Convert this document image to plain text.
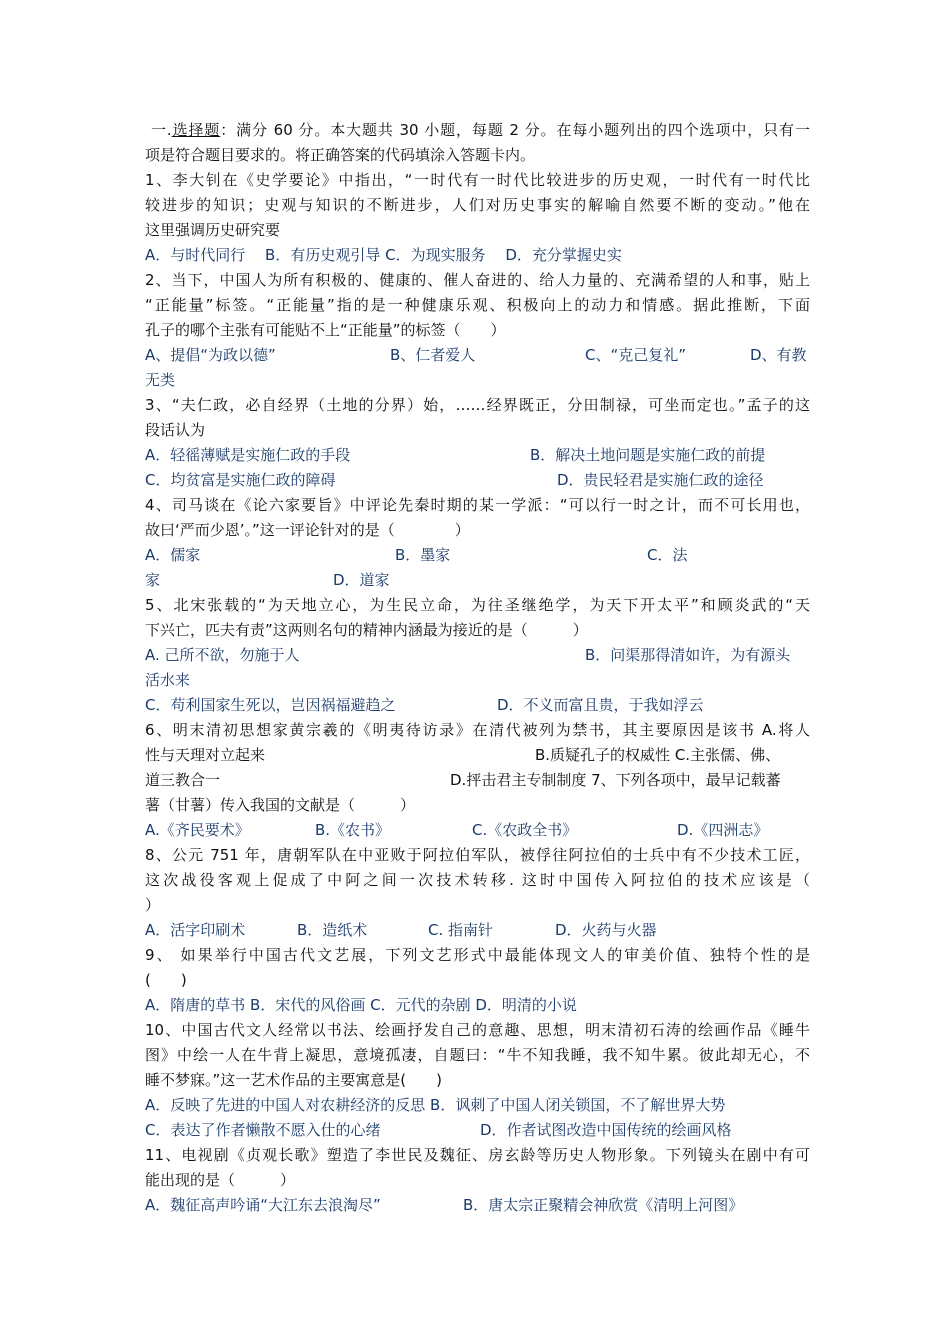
一.选择题：满分 60 分。本大题共 30 小题，每题 2 分。在每小题列出的四个选项中，只有一
项是符合题目要求的。将正确答案的代码填涂入答题卡内。
1、李大钊在《史学要论》中指出，“一时代有一时代比较进步的历史观，一时代有一时代比
较进步的知识；史观与知识的不断进步，人们对历史事实的解喻自然要不断的变动。”他在
这里强调历史研究要
A．与时代同行　 B．有历史观引导 C．为现实服务　 D．充分掌握史实
2、当下，中国人为所有积极的、健康的、催人奋进的、给人力量的、充满希望的人和事，贴上
“正能量”标签。“正能量”指的是一种健康乐观、积极向上的动力和情感。据此推断，下面
孔子的哪个主张有可能贴不上“正能量”的标签（　　）
A、提倡“为政以德”	B、仁者爱人	C、“克己复礼”	D、有教
无类
3、“夫仁政，必自经界（土地的分界）始，……经界既正，分田制禄，可坐而定也。”孟子的这
段话认为
A．轻徭薄赋是实施仁政的手段	B．解决土地问题是实施仁政的前提
C．均贫富是实施仁政的障碍	D．贵民轻君是实施仁政的途径
4、司马谈在《论六家要旨》中评论先秦时期的某一学派：“可以行一时之计，而不可长用也，
故曰‘严而少恩’。”这一评论针对的是（　　　　）
A．儒家	B．墨家	C．法
家	D．道家
5、北宋张载的“为天地立心，为生民立命，为往圣继绝学，为天下开太平”和顾炎武的“天
下兴亡，匹夫有责”这两则名句的精神内涵最为接近的是（　　　）
A. 己所不欲，勿施于人	B．问渠那得清如许，为有源头
活水来
C．苟利国家生死以，岂因祸福避趋之	D．不义而富且贵，于我如浮云
6、明末清初思想家黄宗羲的《明夷待访录》在清代被列为禁书，其主要原因是该书 A.将人
性与天理对立起来	B.质疑孔子的权威性 C.主张儒、佛、
道三教合一	D.抨击君主专制制度 7、下列各项中，最早记载蕃
薯（甘薯）传入我国的文献是（　　　）
A.《齐民要术》	B.《农书》	C.《农政全书》	D.《四洲志》
8、公元 751 年，唐朝军队在中亚败于阿拉伯军队，被俘往阿拉伯的士兵中有不少技术工匠，
这次战役客观上促成了中阿之间一次技术转移. 这时中国传入阿拉伯的技术应该是（
）
A．活字印刷术	B．造纸术	C. 指南针	D．火药与火器
9、 如果举行中国古代文艺展，下列文艺形式中最能体现文人的审美价值、独特个性的是
(　　)
A．隋唐的草书 B．宋代的风俗画 C．元代的杂剧 D．明清的小说
10、中国古代文人经常以书法、绘画抒发自己的意趣、思想，明末清初石涛的绘画作品《睡牛
图》中绘一人在牛背上凝思，意境孤凄，自题曰：“牛不知我睡，我不知牛累。彼此却无心，不
睡不梦寐。”这一艺术作品的主要寓意是(　　)
A．反映了先进的中国人对农耕经济的反思 B．讽刺了中国人闭关锁国，不了解世界大势
C．表达了作者懒散不愿入仕的心绪	D．作者试图改造中国传统的绘画风格
11、电视剧《贞观长歌》塑造了李世民及魏征、房玄龄等历史人物形象。下列镜头在剧中有可
能出现的是（　　　）
A．魏征高声吟诵“大江东去浪淘尽”	B．唐太宗正聚精会神欣赏《清明上河图》
